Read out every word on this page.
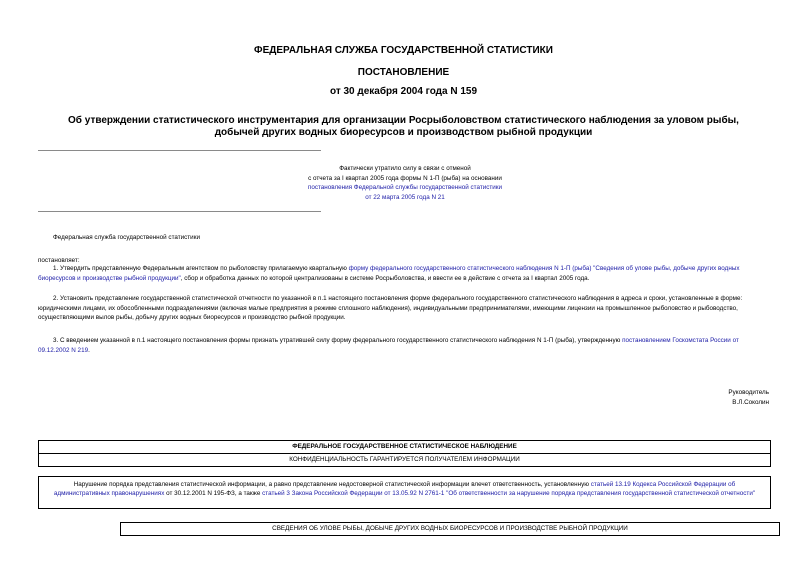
ФЕДЕРАЛЬНАЯ СЛУЖБА ГОСУДАРСТВЕННОЙ СТАТИСТИКИ
ПОСТАНОВЛЕНИЕ
от 30 декабря 2004 года N 159
Об утверждении статистического инструментария для организации Росрыболовством статистического наблюдения за уловом рыбы, добычей других водных биоресурсов и производством рыбной продукции
Фактически утратило силу в связи с отменой
с отчета за I квартал 2005 года формы N 1-П (рыба) на основании
постановления Федеральной службы государственной статистики
от 22 марта 2005 года N 21
Федеральная служба государственной статистики
постановляет:
1. Утвердить представленную Федеральным агентством по рыболовству прилагаемую квартальную форму федерального государственного статистического наблюдения N 1-П (рыба) "Сведения об улове рыбы, добыче других водных биоресурсов и производстве рыбной продукции", сбор и обработка данных по которой централизованы в системе Росрыболовства, и ввести ее в действие с отчета за I квартал 2005 года.
2. Установить представление государственной статистической отчетности по указанной в п.1 настоящего постановления форме федерального государственного статистического наблюдения в адреса и сроки, установленные в форме: юридическими лицами, их обособленными подразделениями (включая малые предприятия в режиме сплошного наблюдения), индивидуальными предпринимателями, имеющими лицензии на промышленное рыболовство и рыбоводство, осуществляющими вылов рыбы, добычу других водных биоресурсов и производство рыбной продукции.
3. С введением указанной в п.1 настоящего постановления формы признать утратившей силу форму федерального государственного статистического наблюдения N 1-П (рыба), утвержденную постановлением Госкомстата России от 09.12.2002 N 219.
Руководитель
В.Л.Соколин
ФЕДЕРАЛЬНОЕ ГОСУДАРСТВЕННОЕ СТАТИСТИЧЕСКОЕ НАБЛЮДЕНИЕ
КОНФИДЕНЦИАЛЬНОСТЬ ГАРАНТИРУЕТСЯ ПОЛУЧАТЕЛЕМ ИНФОРМАЦИИ
Нарушение порядка представления статистической информации, а равно представление недостоверной статистической информации влечет ответственность, установленную статьей 13.19 Кодекса Российской Федерации об административных правонарушениях от 30.12.2001 N 195-ФЗ, а также статьей 3 Закона Российской Федерации от 13.05.92 N 2761-1 "Об ответственности за нарушение порядка представления государственной статистической отчетности"
СВЕДЕНИЯ ОБ УЛОВЕ РЫБЫ, ДОБЫЧЕ ДРУГИХ ВОДНЫХ БИОРЕСУРСОВ И ПРОИЗВОДСТВЕ РЫБНОЙ ПРОДУКЦИИ
